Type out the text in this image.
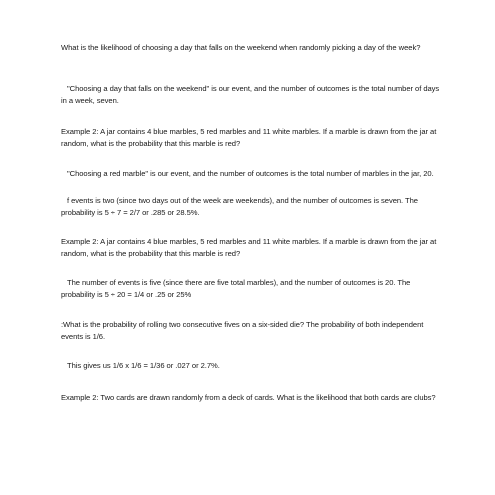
What is the likelihood of choosing a day that falls on the weekend when randomly picking a day of the week?

"Choosing a day that falls on the weekend" is our event, and the number of outcomes is the total number of days in a week, seven.

Example 2: A jar contains 4 blue marbles, 5 red marbles and 11 white marbles. If a marble is drawn from the jar at random, what is the probability that this marble is red?

"Choosing a red marble" is our event, and the number of outcomes is the total number of marbles in the jar, 20.

f events is two (since two days out of the week are weekends), and the number of outcomes is seven. The probability is 5 ÷ 7 = 2/7 or .285 or 28.5%.

Example 2: A jar contains 4 blue marbles, 5 red marbles and 11 white marbles. If a marble is drawn from the jar at random, what is the probability that this marble is red?

The number of events is five (since there are five total marbles), and the number of outcomes is 20. The probability is 5 ÷ 20 = 1/4 or .25 or 25%

:What is the probability of rolling two consecutive fives on a six-sided die? The probability of both independent events is 1/6.

This gives us 1/6 x 1/6 = 1/36 or .027 or 2.7%.

Example 2: Two cards are drawn randomly from a deck of cards. What is the likelihood that both cards are clubs?
